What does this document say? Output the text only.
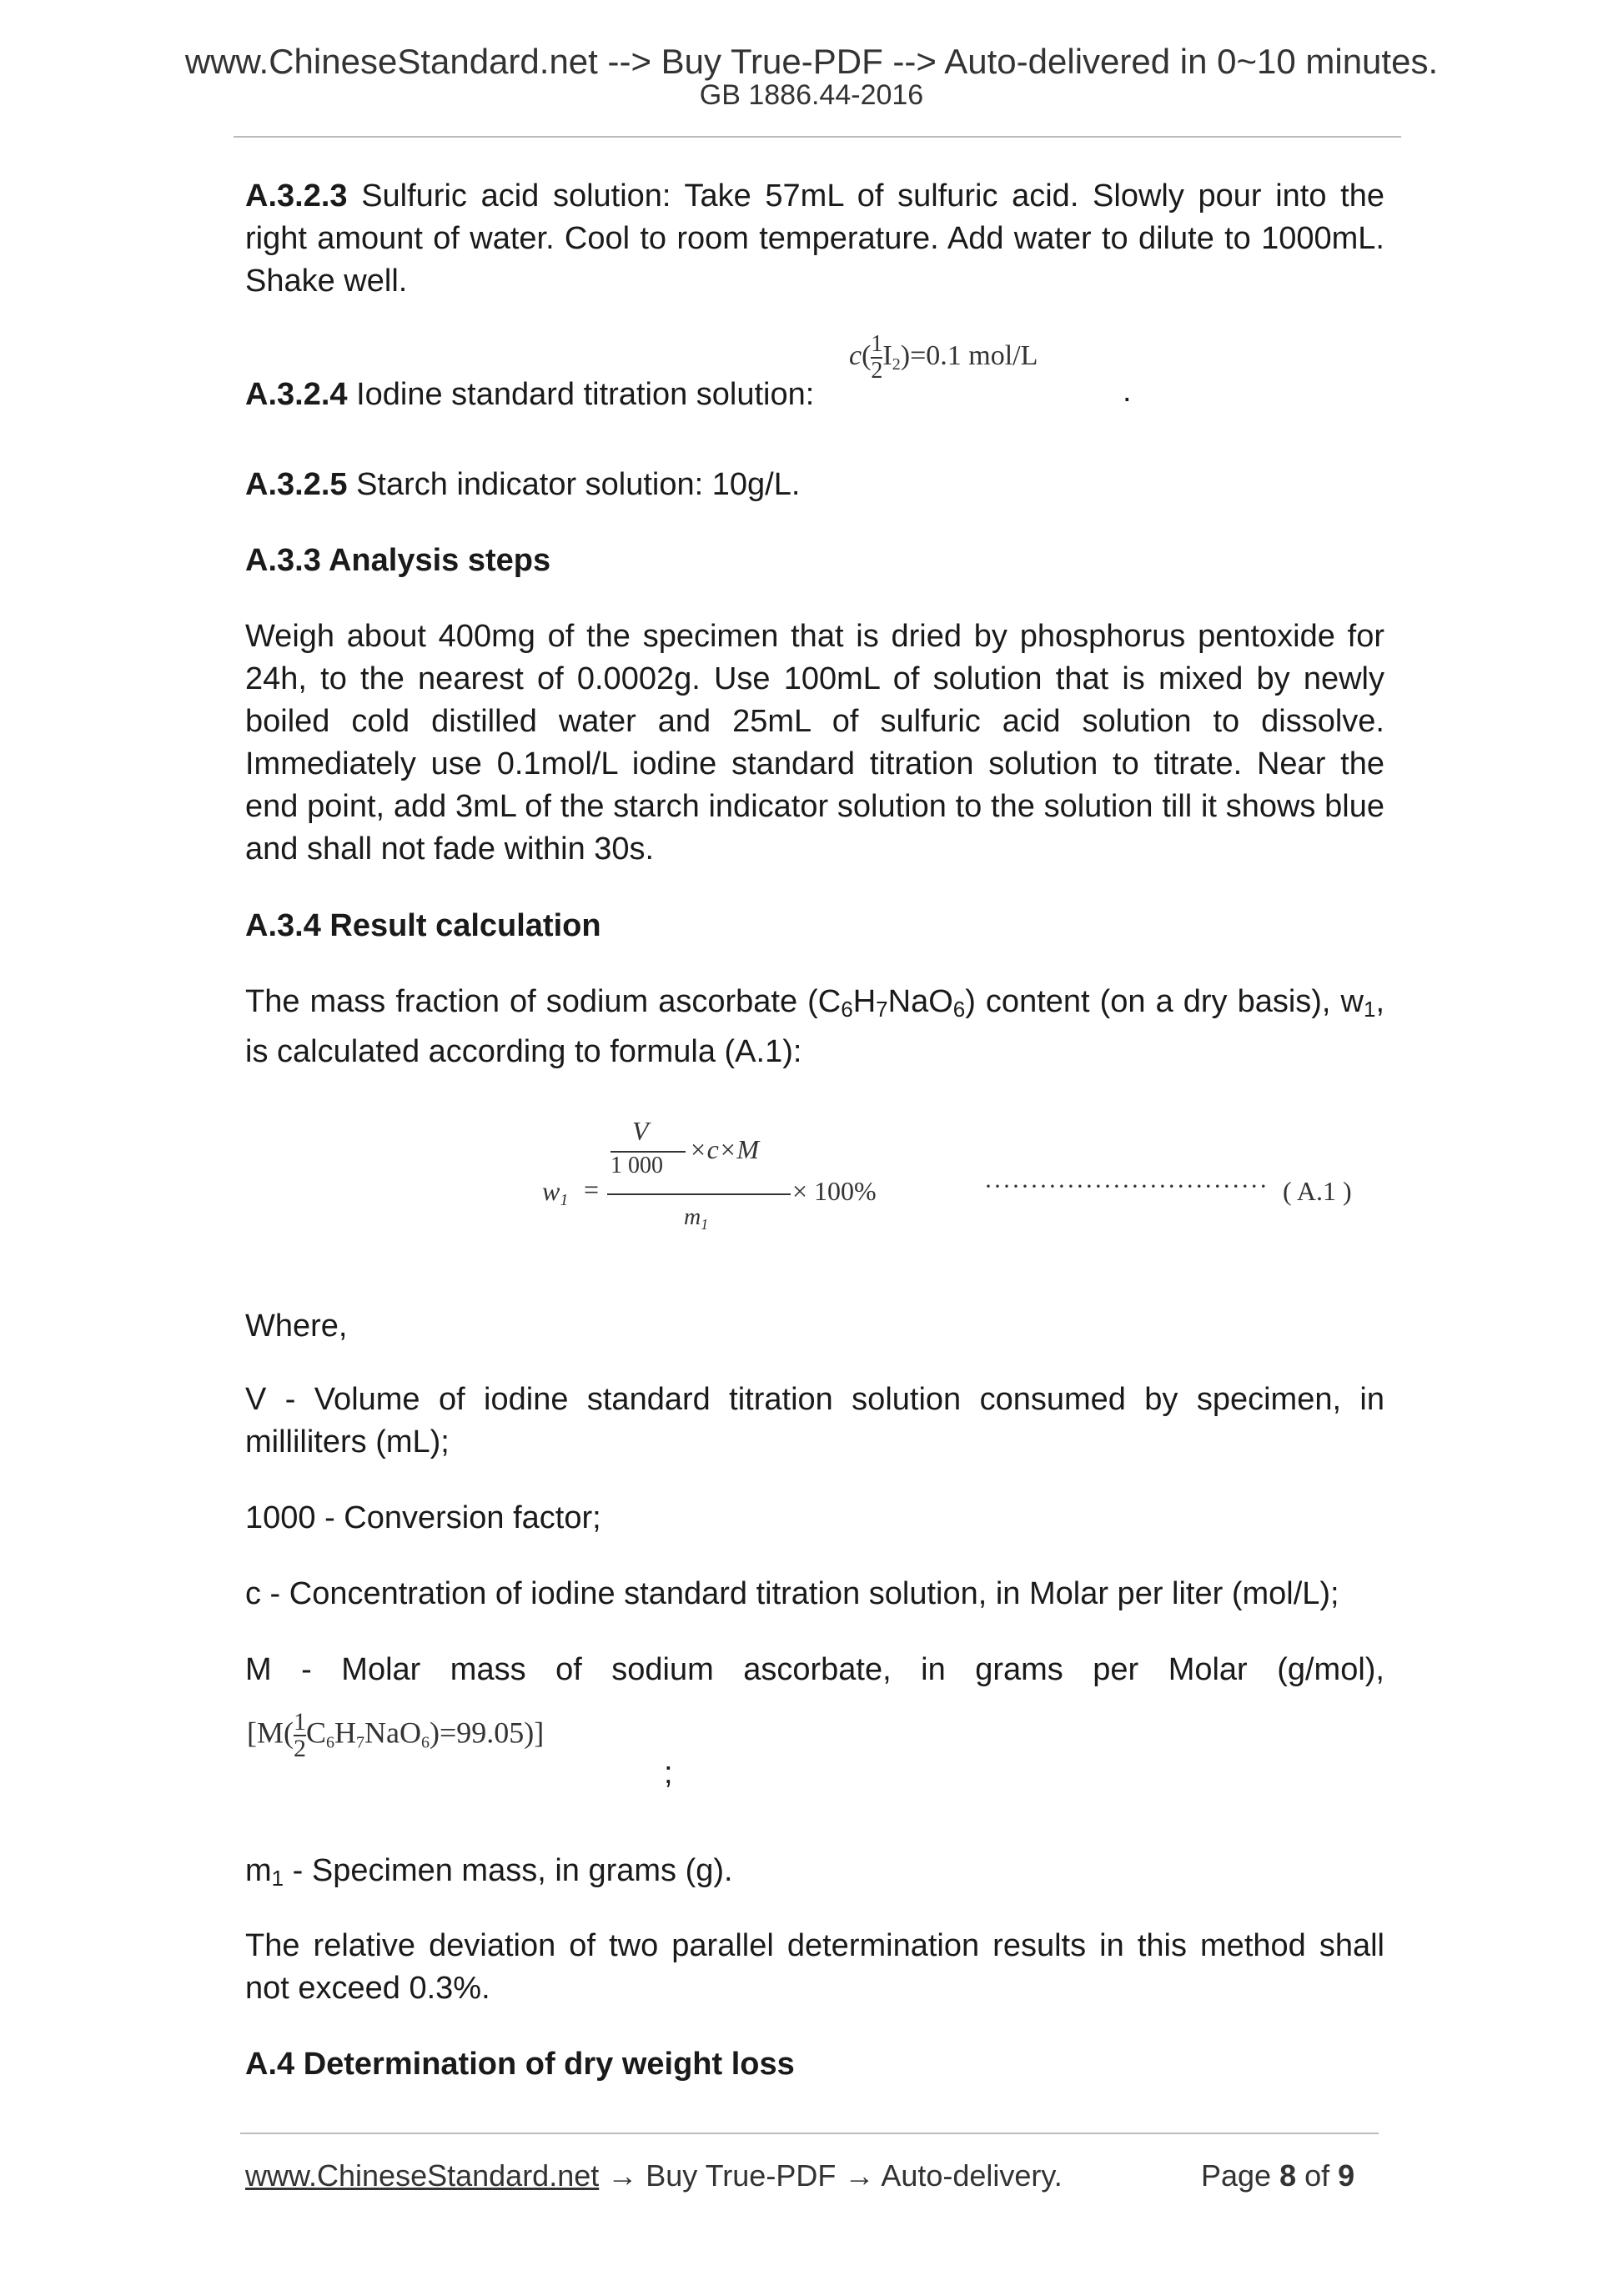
www.ChineseStandard.net --> Buy True-PDF --> Auto-delivered in 0~10 minutes.
GB 1886.44-2016

A.3.2.3 Sulfuric acid solution: Take 57mL of sulfuric acid. Slowly pour into the right amount of water. Cool to room temperature. Add water to dilute to 1000mL. Shake well.

A.3.2.4 Iodine standard titration solution:

$c( \frac{1}{2} I_2)=0.1$ mol/L
.

A.3.2.5 Starch indicator solution: 10g/L.

A.3.3 Analysis steps

Weigh about 400mg of the specimen that is dried by phosphorus pentoxide for 24h, to the nearest of 0.0002g. Use 100mL of solution that is mixed by newly boiled cold distilled water and 25mL of sulfuric acid solution to dissolve. Immediately use 0.1mol/L iodine standard titration solution to titrate. Near the end point, add 3mL of the starch indicator solution to the solution till it shows blue and shall not fade within 30s.

A.3.4 Result calculation

The mass fraction of sodium ascorbate $(C_6H_7NaO_6)$ content (on a dry basis), $w_1$, is calculated according to formula (A.1):

$w_1$ =
V
1 000
×c×M
$m_1$
× 100%	······························· ( A.1 )

Where,

V - Volume of iodine standard titration solution consumed by specimen, in milliliters (mL);

1000 - Conversion factor;

c - Concentration of iodine standard titration solution, in Molar per liter (mol/L);

M - Molar mass of sodium ascorbate, in grams per Molar (g/mol),

$[M( \frac{1}{2} C_6H_7NaO_6)=99.05)$]
;

$m_1$ - Specimen mass, in grams (g).

The relative deviation of two parallel determination results in this method shall not exceed 0.3%.

A.4 Determination of dry weight loss

www.ChineseStandard.net → Buy True-PDF → Auto-delivery.	Page 8 of 9
